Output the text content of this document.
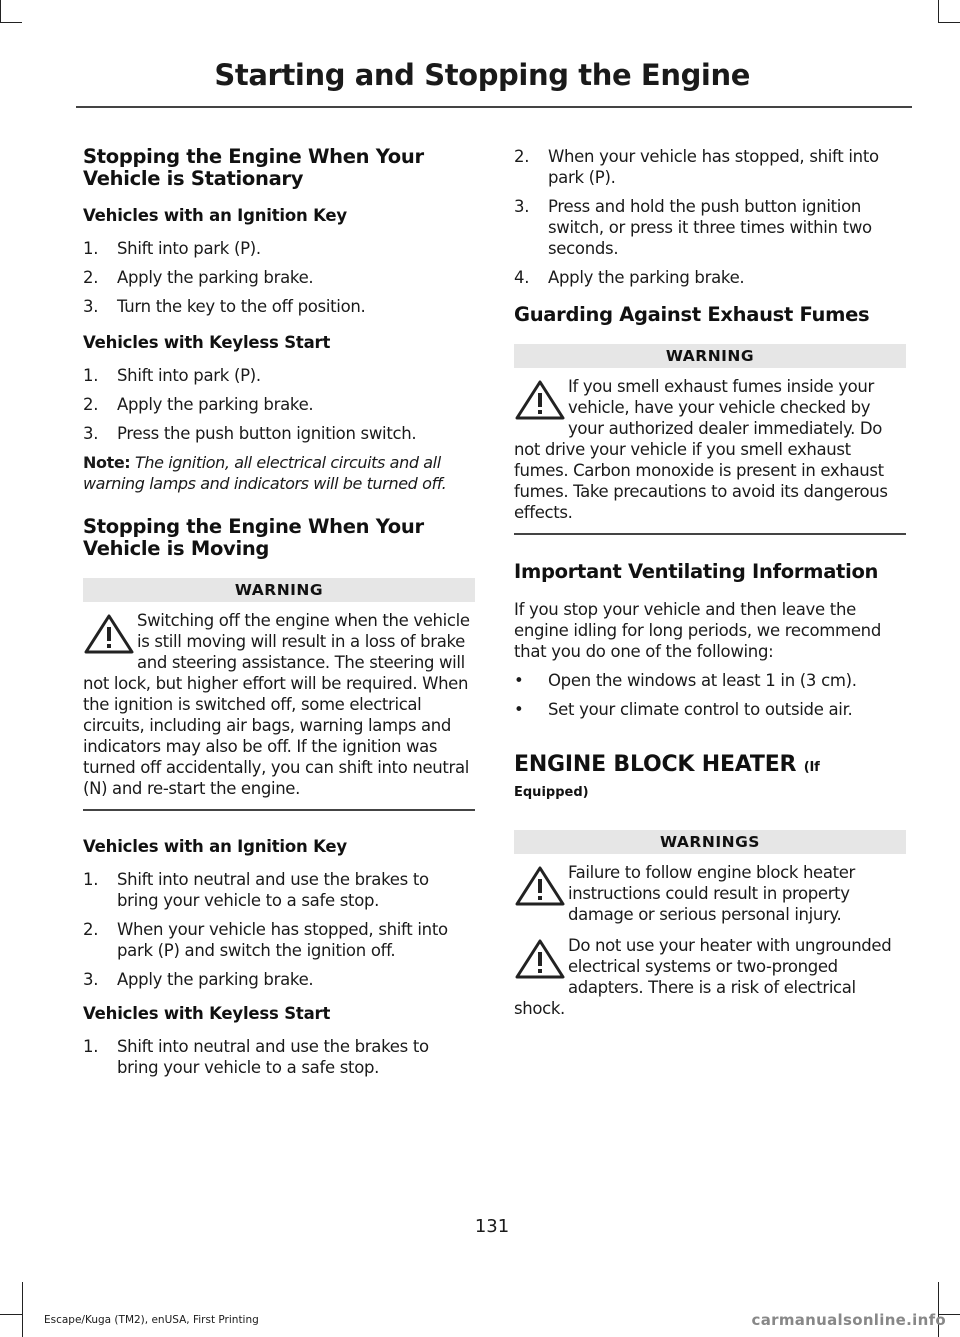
Starting and Stopping the Engine
Stopping the Engine When Your Vehicle is Stationary
Vehicles with an Ignition Key
1. Shift into park (P).
2. Apply the parking brake.
3. Turn the key to the off position.
Vehicles with Keyless Start
1. Shift into park (P).
2. Apply the parking brake.
3. Press the push button ignition switch.

Note: The ignition, all electrical circuits and all warning lamps and indicators will be turned off.

Stopping the Engine When Your Vehicle is Moving
WARNING
Switching off the engine when the vehicle is still moving will result in a loss of brake and steering assistance. The steering will not lock, but higher effort will be required. When the ignition is switched off, some electrical circuits, including air bags, warning lamps and indicators may also be off. If the ignition was turned off accidentally, you can shift into neutral (N) and re-start the engine.
Vehicles with an Ignition Key
1. Shift into neutral and use the brakes to bring your vehicle to a safe stop.
2. When your vehicle has stopped, shift into park (P) and switch the ignition off.
3. Apply the parking brake.
Vehicles with Keyless Start
1. Shift into neutral and use the brakes to bring your vehicle to a safe stop.
2. When your vehicle has stopped, shift into park (P).
3. Press and hold the push button ignition switch, or press it three times within two seconds.
4. Apply the parking brake.
Guarding Against Exhaust Fumes
WARNING
If you smell exhaust fumes inside your vehicle, have your vehicle checked by your authorized dealer immediately. Do not drive your vehicle if you smell exhaust fumes. Carbon monoxide is present in exhaust fumes. Take precautions to avoid its dangerous effects.
Important Ventilating Information

If you stop your vehicle and then leave the engine idling for long periods, we recommend that you do one of the following:

• Open the windows at least 1 in (3 cm).
• Set your climate control to outside air.
ENGINE BLOCK HEATER (If
Equipped)
WARNINGS
Failure to follow engine block heater instructions could result in property damage or serious personal injury.
Do not use your heater with ungrounded electrical systems or two-pronged adapters. There is a risk of electrical shock.
131
Escape/Kuga (TM2), enUSA, First Printing	carmanualsonline.info
